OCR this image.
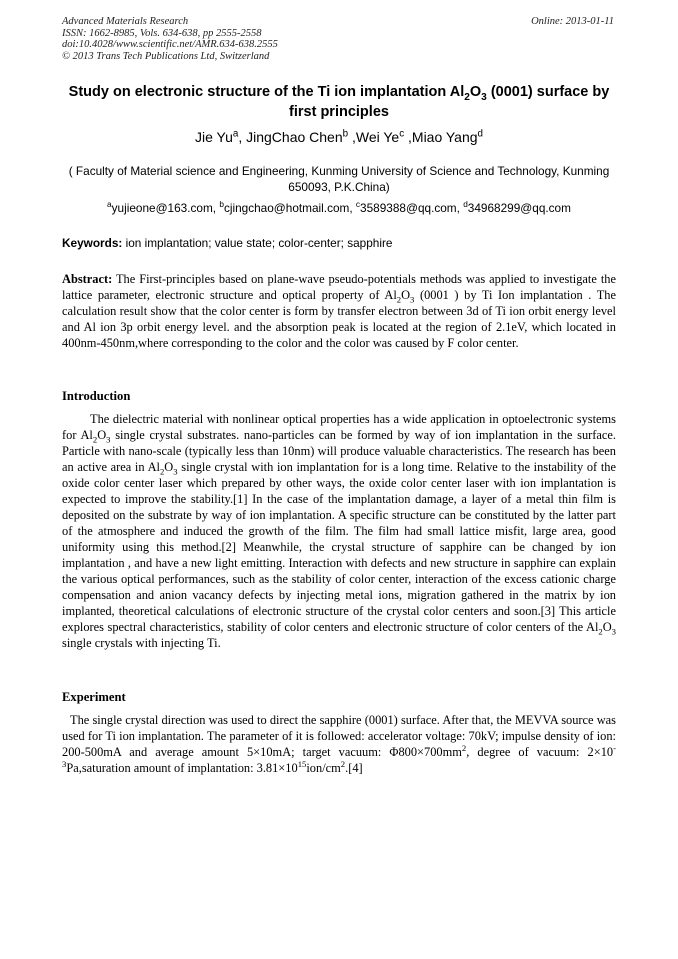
Advanced Materials Research
ISSN: 1662-8985, Vols. 634-638, pp 2555-2558
doi:10.4028/www.scientific.net/AMR.634-638.2555
© 2013 Trans Tech Publications Ltd, Switzerland
Online: 2013-01-11
Study on electronic structure of the Ti ion implantation $Al_2O_3$ (0001) surface by first principles
Jie Yu$^a$, JingChao Chen$^b$ ,Wei Ye$^c$ ,Miao Yang$^d$
( Faculty of Material science and Engineering, Kunming University of Science and Technology, Kunming 650093, P.K.China)
$^a$yujieone@163.com, $^b$cjingchao@hotmail.com, $^c$3589388@qq.com, $^d$34968299@qq.com
Keywords: ion implantation; value state; color-center; sapphire
Abstract: The First-principles based on plane-wave pseudo-potentials methods was applied to investigate the lattice parameter, electronic structure and optical property of $Al_2O_3$ (0001 ) by Ti Ion implantation . The calculation result show that the color center is form by transfer electron between 3d of Ti ion orbit energy level and Al ion 3p orbit energy level. and the absorption peak is located at the region of 2.1eV, which located in 400nm-450nm,where corresponding to the color and the color was caused by F color center.
Introduction
The dielectric material with nonlinear optical properties has a wide application in optoelectronic systems for $Al_2O_3$ single crystal substrates. nano-particles can be formed by way of ion implantation in the surface. Particle with nano-scale (typically less than 10nm) will produce valuable characteristics. The research has been an active area in $Al_2O_3$ single crystal with ion implantation for is a long time. Relative to the instability of the oxide color center laser which prepared by other ways, the oxide color center laser with ion implantation is expected to improve the stability.[1] In the case of the implantation damage, a layer of a metal thin film is deposited on the substrate by way of ion implantation. A specific structure can be constituted by the latter part of the atmosphere and induced the growth of the film. The film had small lattice misfit, large area, good uniformity using this method.[2] Meanwhile, the crystal structure of sapphire can be changed by ion implantation , and have a new light emitting. Interaction with defects and new structure in sapphire can explain the various optical performances, such as the stability of color center, interaction of the excess cationic charge compensation and anion vacancy defects by injecting metal ions, migration gathered in the matrix by ion implanted, theoretical calculations of electronic structure of the crystal color centers and soon.[3] This article explores spectral characteristics, stability of color centers and electronic structure of color centers of the $Al_2O_3$ single crystals with injecting Ti.
Experiment
The single crystal direction was used to direct the sapphire (0001) surface. After that, the MEVVA source was used for Ti ion implantation. The parameter of it is followed: accelerator voltage: 70kV; impulse density of ion: 200-500mA and average amount 5×10mA; target vacuum: $\Phi 800\times 700mm^2$, degree of vacuum: $2\times 10^{-3}Pa,saturation$ amount of implantation: $3.81\times 10^{15}ion/cm^2.[4]$
